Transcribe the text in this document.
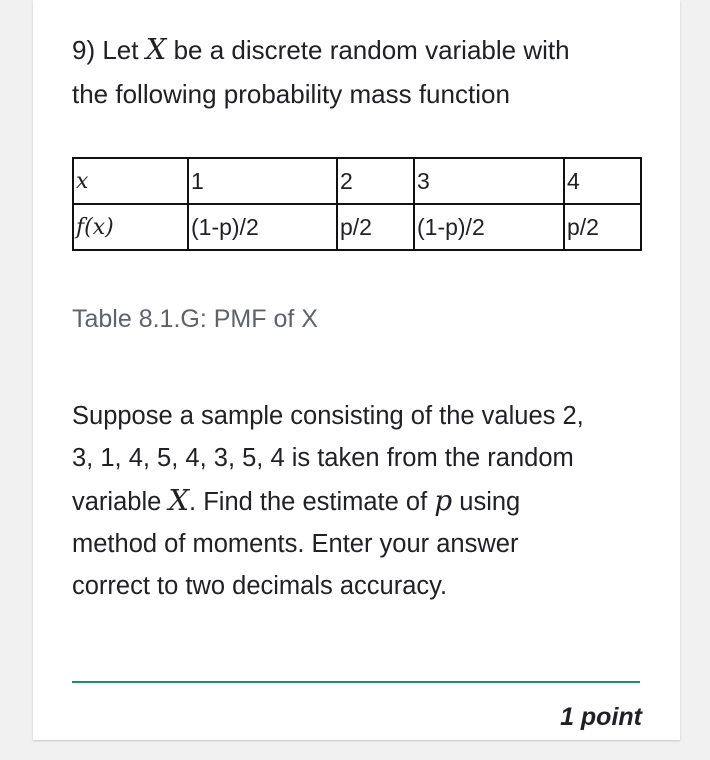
9) Let X be a discrete random variable with
the following probability mass function
x	1	2	3	4
f(x)	(1-p)/2	p/2	(1-p)/2	p/2
Table 8.1.G: PMF of X
Suppose a sample consisting of the values 2,
3, 1, 4, 5, 4, 3, 5, 4 is taken from the random
variable X. Find the estimate of p using
method of moments. Enter your answer
correct to two decimals accuracy.
1 point
